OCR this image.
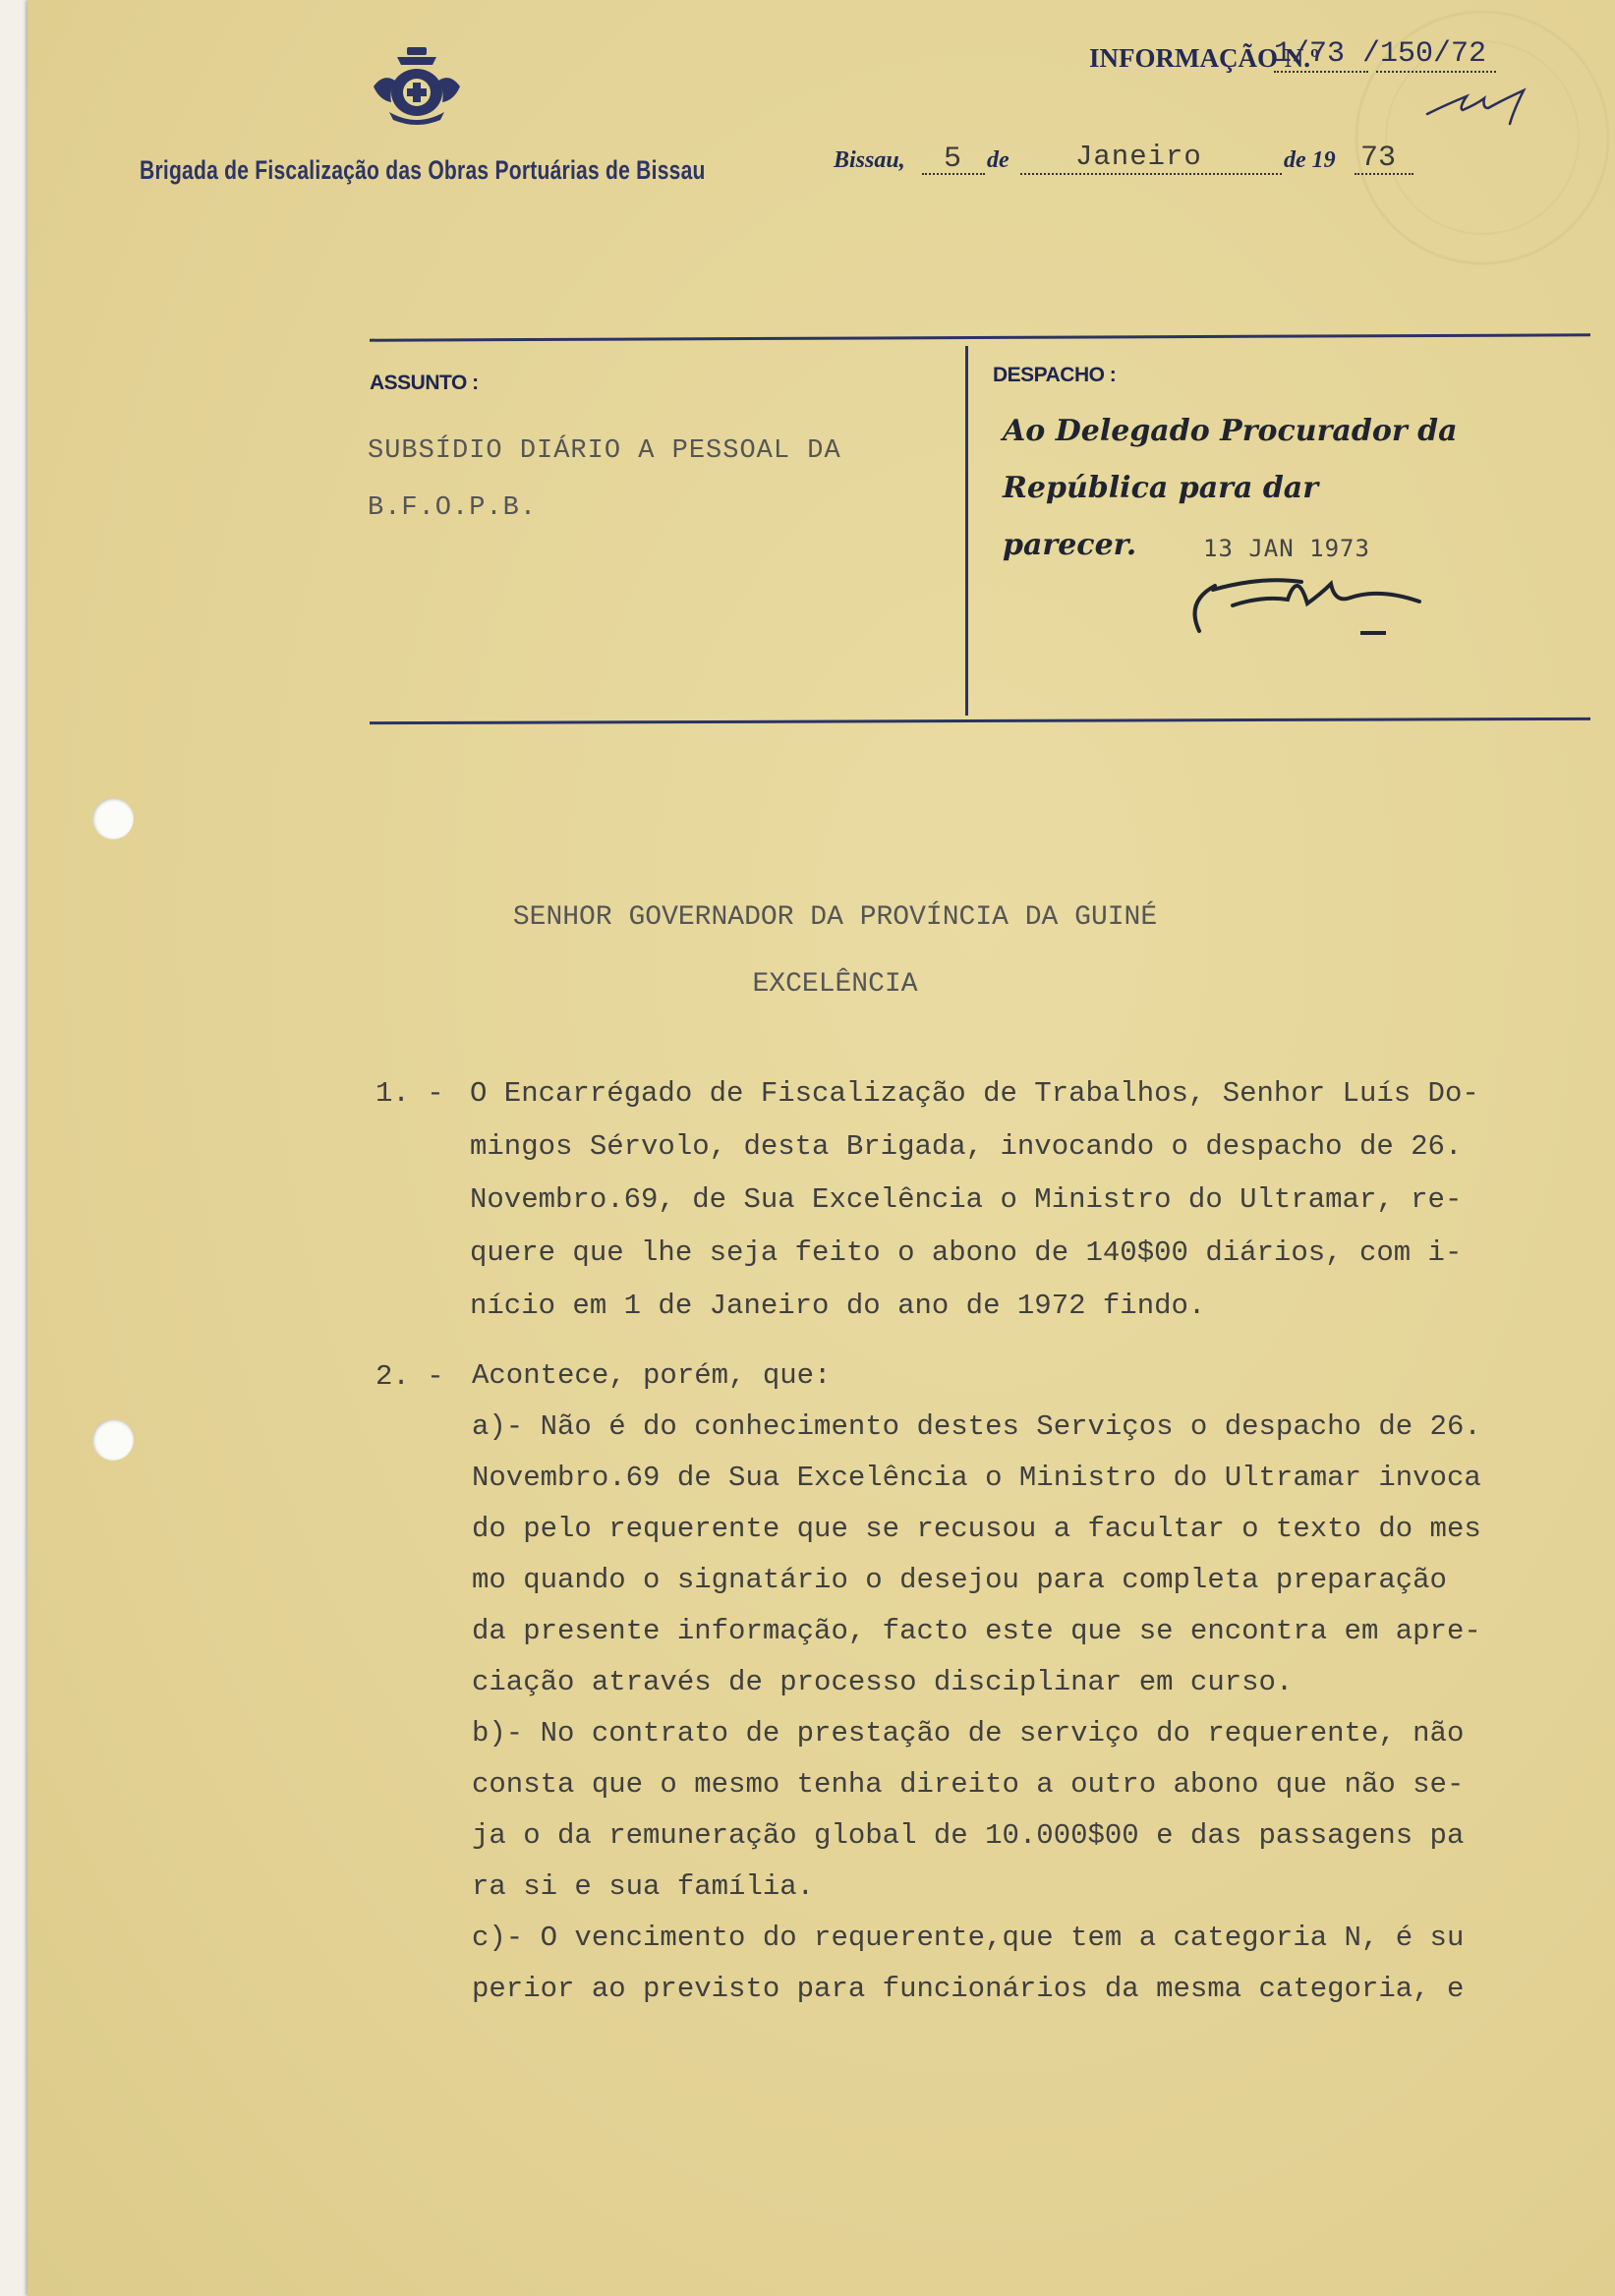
Brigada de Fiscalização das Obras Portuárias de Bissau
INFORMAÇÃO N.º
1/73 /150/72
Bissau, 5 de Janeiro	de 19 73
ASSUNTO :
SUBSÍDIO DIÁRIO A PESSOAL DA
B.F.O.P.B.
DESPACHO :
Ao Delegado Procurador da
República para dar
parecer.	13 JAN 1973
SENHOR GOVERNADOR DA PROVÍNCIA DA GUINÉ
EXCELÊNCIA
1. - O Encarrégado de Fiscalização de Trabalhos, Senhor Luís Do-
mingos Sérvolo, desta Brigada, invocando o despacho de 26.
Novembro.69, de Sua Excelência o Ministro do Ultramar, re-
quere que lhe seja feito o abono de 140$00 diários, com i-
nício em 1 de Janeiro do ano de 1972 findo.
2. - Acontece, porém, que:
a)- Não é do conhecimento destes Serviços o despacho de 26.
Novembro.69 de Sua Excelência o Ministro do Ultramar invoca
do pelo requerente que se recusou a facultar o texto do mes
mo quando o signatário o desejou para completa preparação
da presente informação, facto este que se encontra em apre-
ciação através de processo disciplinar em curso.
b)- No contrato de prestação de serviço do requerente, não
consta que o mesmo tenha direito a outro abono que não se-
ja o da remuneração global de 10.000$00 e das passagens pa
ra si e sua família.
c)- O vencimento do requerente,que tem a categoria N, é su
perior ao previsto para funcionários da mesma categoria, e
